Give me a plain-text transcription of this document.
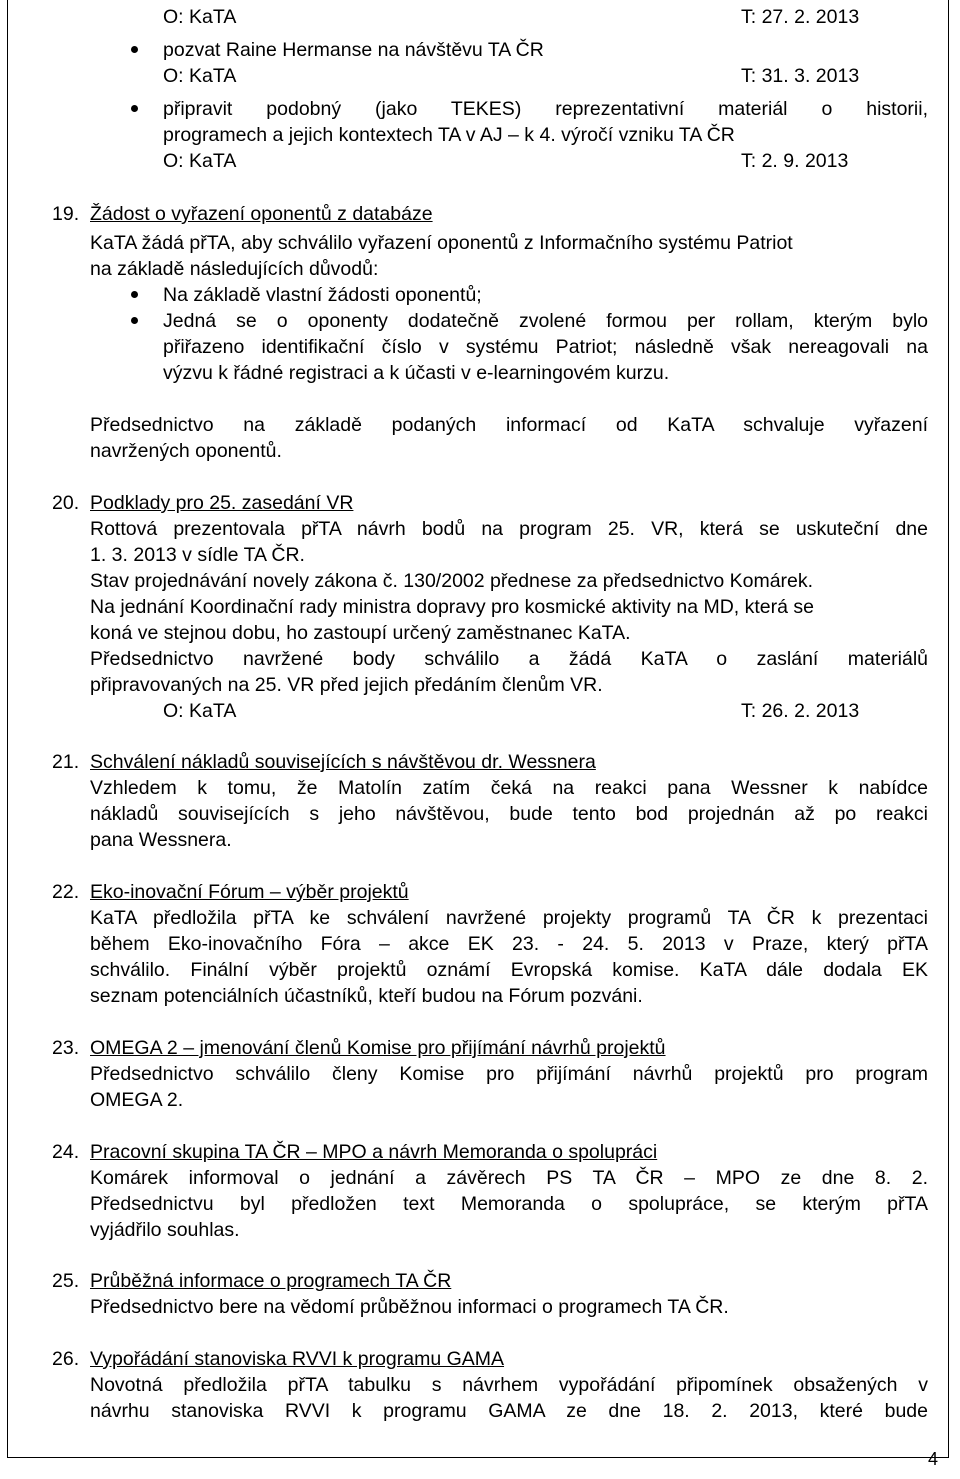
O: KaTA	T: 27. 2. 2013
pozvat Raine Hermanse na návštěvu TA ČR
O: KaTA	T: 31. 3. 2013
připravit podobný (jako TEKES) reprezentativní materiál o historii,
programech a jejich kontextech TA v AJ – k 4. výročí vzniku TA ČR
O: KaTA	T: 2. 9. 2013
19. Žádost o vyřazení oponentů z databáze
KaTA žádá přTA, aby schválilo vyřazení oponentů z Informačního systému Patriot
na základě následujících důvodů:
Na základě vlastní žádosti oponentů;
Jedná se o oponenty dodatečně zvolené formou per rollam, kterým bylo
přiřazeno identifikační číslo v systému Patriot; následně však nereagovali na
výzvu k řádné registraci a k účasti v e-learningovém kurzu.
Předsednictvo na základě podaných informací od KaTA schvaluje vyřazení
navržených oponentů.
20. Podklady pro 25. zasedání VR
Rottová prezentovala přTA návrh bodů na program 25. VR, která se uskuteční dne
1. 3. 2013 v sídle TA ČR.
Stav projednávání novely zákona č. 130/2002 přednese za předsednictvo Komárek.
Na jednání Koordinační rady ministra dopravy pro kosmické aktivity na MD, která se
koná ve stejnou dobu, ho zastoupí určený zaměstnanec KaTA.
Předsednictvo navržené body schválilo a žádá KaTA o zaslání materiálů
připravovaných na 25. VR před jejich předáním členům VR.
O: KaTA	T: 26. 2. 2013
21. Schválení nákladů souvisejících s návštěvou dr. Wessnera
Vzhledem k tomu, že Matolín zatím čeká na reakci pana Wessner k nabídce
nákladů souvisejících s jeho návštěvou, bude tento bod projednán až po reakci
pana Wessnera.
22. Eko-inovační Fórum – výběr projektů
KaTA předložila přTA ke schválení navržené projekty programů TA ČR k prezentaci
během Eko-inovačního Fóra – akce EK 23. - 24. 5. 2013 v Praze, který přTA
schválilo. Finální výběr projektů oznámí Evropská komise. KaTA dále dodala EK
seznam potenciálních účastníků, kteří budou na Fórum pozváni.
23. OMEGA 2 – jmenování členů Komise pro přijímání návrhů projektů
Předsednictvo schválilo členy Komise pro přijímání návrhů projektů pro program
OMEGA 2.
24. Pracovní skupina TA ČR – MPO a návrh Memoranda o spolupráci
Komárek informoval o jednání a závěrech PS TA ČR – MPO ze dne 8. 2.
Předsednictvu byl předložen text Memoranda o spolupráce, se kterým přTA
vyjádřilo souhlas.
25. Průběžná informace o programech TA ČR
Předsednictvo bere na vědomí průběžnou informaci o programech TA ČR.
26. Vypořádání stanoviska RVVI k programu GAMA
Novotná předložila přTA tabulku s návrhem vypořádání připomínek obsažených v
návrhu stanoviska RVVI k programu GAMA ze dne 18. 2. 2013, které bude
4
